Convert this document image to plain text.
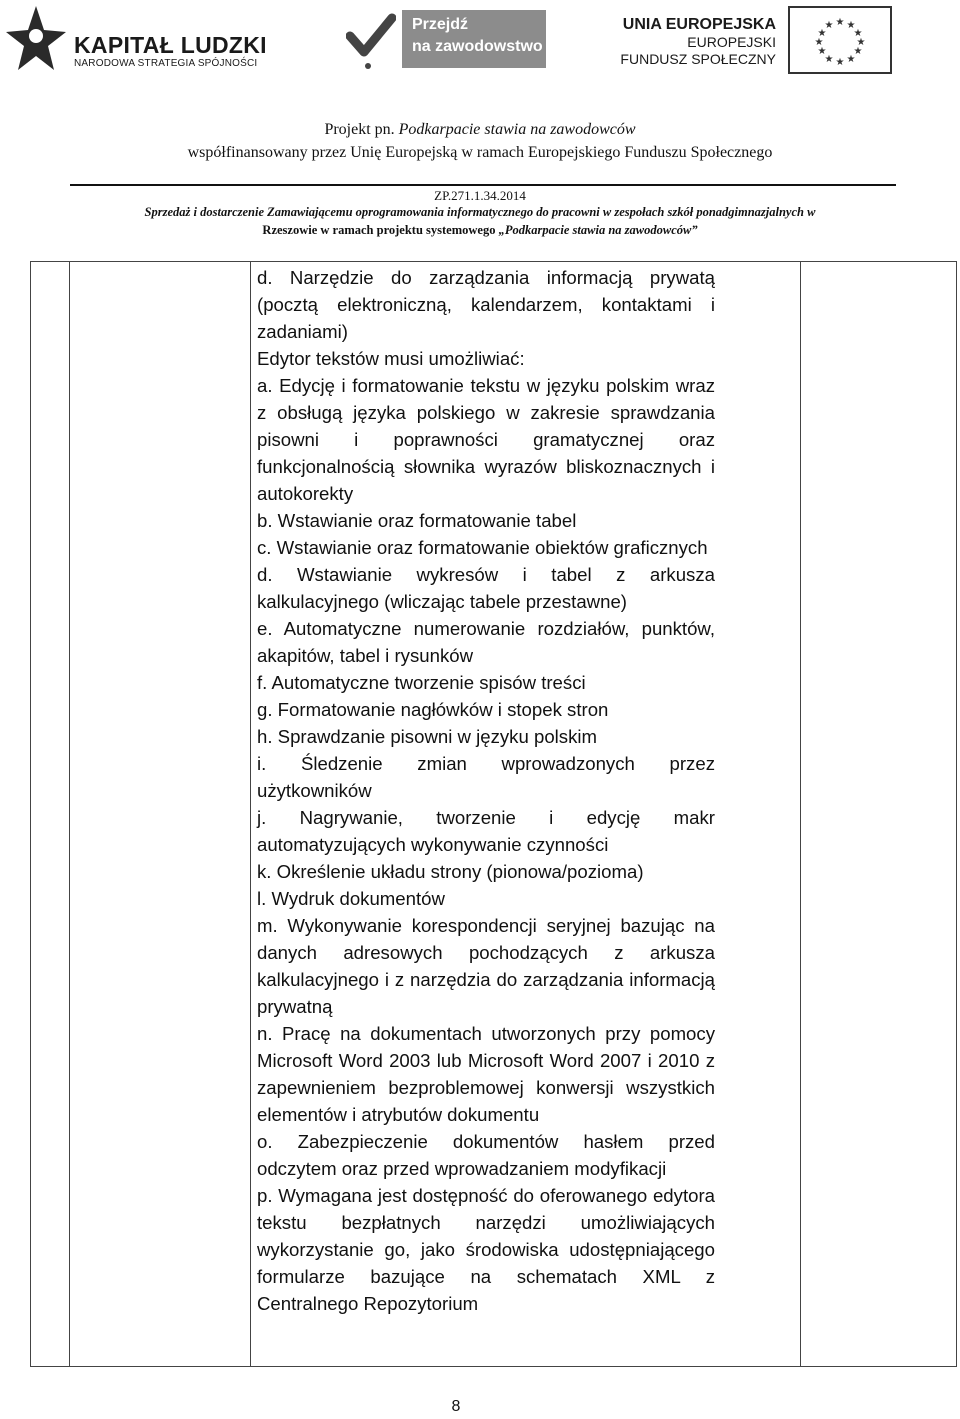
KAPITAŁ LUDZKI
NARODOWA STRATEGIA SPÓJNOŚCI
Przejdź
na zawodowstwo
UNIA EUROPEJSKA
EUROPEJSKI
FUNDUSZ SPOŁECZNY
★ ★
★
★
★
★
★
★
★
★
★
★
Projekt pn. Podkarpacie stawia na zawodowców
współfinansowany przez Unię Europejską w ramach Europejskiego Funduszu Społecznego
ZP.271.1.34.2014
Sprzedaż i dostarczenie Zamawiającemu oprogramowania informatycznego do pracowni w zespołach szkół ponadgimnazjalnych w
Rzeszowie w ramach projektu systemowego „Podkarpacie stawia na zawodowców”

d. Narzędzie do zarządzania informacją prywatą (pocztą elektroniczną, kalendarzem, kontaktami i zadaniami)

Edytor tekstów musi umożliwiać:

a. Edycję i formatowanie tekstu w języku polskim wraz z obsługą języka polskiego w zakresie sprawdzania pisowni i poprawności gramatycznej oraz funkcjonalnością słownika wyrazów bliskoznacznych i autokorekty

b. Wstawianie oraz formatowanie tabel

c. Wstawianie oraz formatowanie obiektów graficznych

d. Wstawianie wykresów i tabel z arkusza kalkulacyjnego (wliczając tabele przestawne)

e. Automatyczne numerowanie rozdziałów, punktów, akapitów, tabel i rysunków

f. Automatyczne tworzenie spisów treści

g. Formatowanie nagłówków i stopek stron

h. Sprawdzanie pisowni w języku polskim

i. Śledzenie zmian wprowadzonych przez użytkowników

j. Nagrywanie, tworzenie i edycję makr automatyzujących wykonywanie czynności

k. Określenie układu strony (pionowa/pozioma)

l. Wydruk dokumentów

m. Wykonywanie korespondencji seryjnej bazując na danych adresowych pochodzących z arkusza kalkulacyjnego i z narzędzia do zarządzania informacją prywatną

n. Pracę na dokumentach utworzonych przy pomocy Microsoft Word 2003 lub Microsoft Word 2007 i 2010 z zapewnieniem bezproblemowej konwersji wszystkich elementów i atrybutów dokumentu

o. Zabezpieczenie dokumentów hasłem przed odczytem oraz przed wprowadzaniem modyfikacji

p. Wymagana jest dostępność do oferowanego edytora tekstu bezpłatnych narzędzi umożliwiających wykorzystanie go, jako środowiska udostępniającego formularze bazujące na schematach XML z Centralnego Repozytorium

8
